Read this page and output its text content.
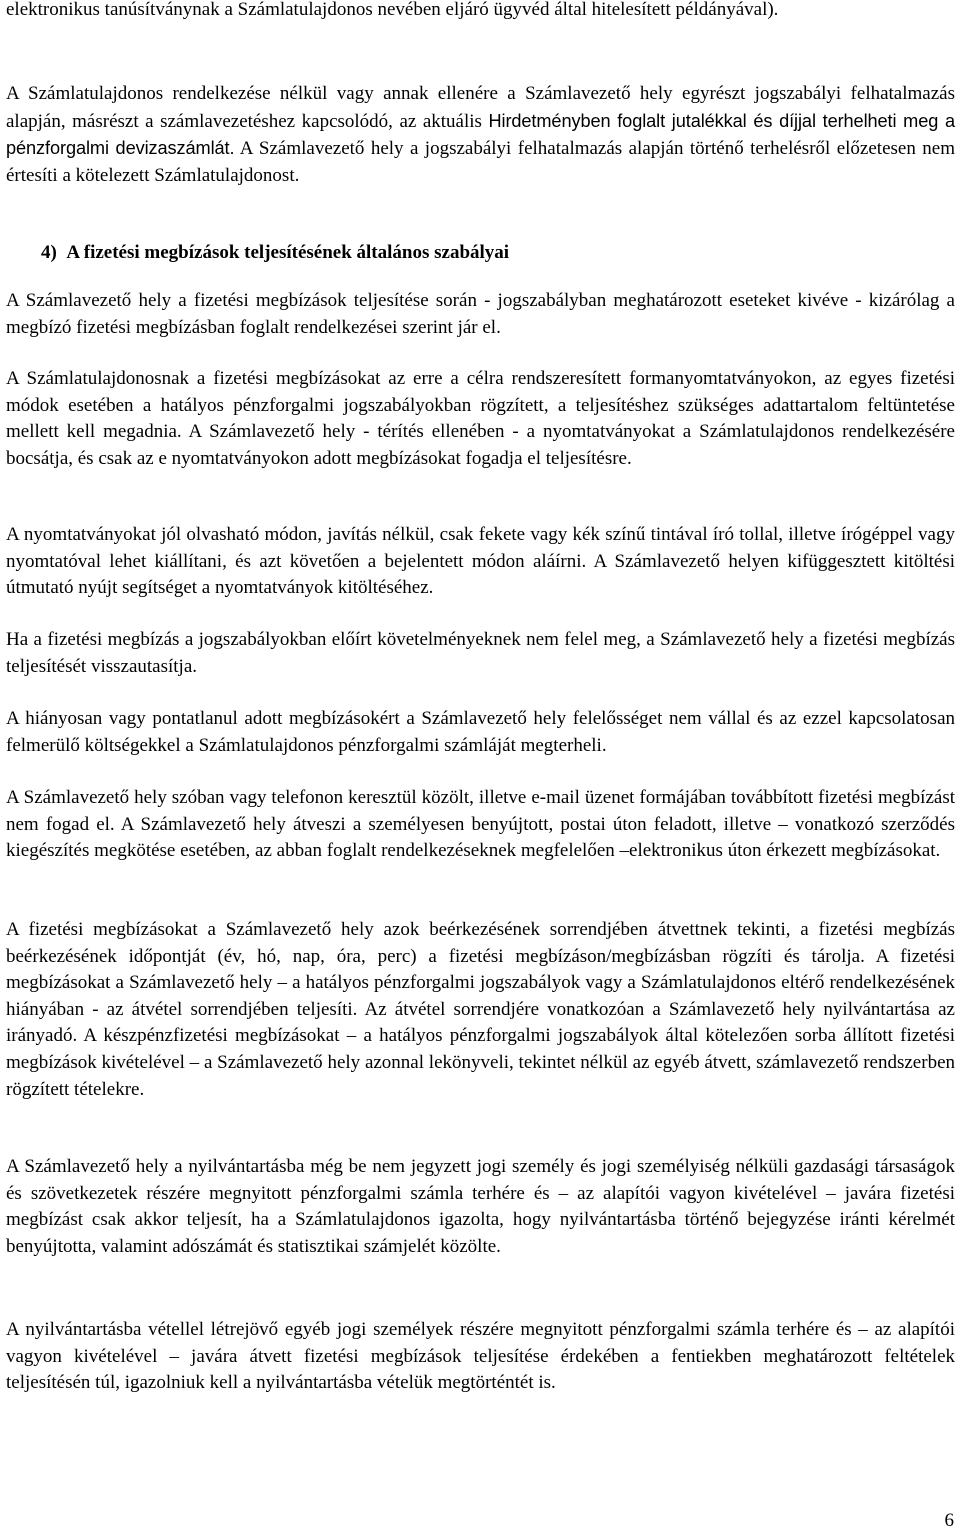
elektronikus tanúsítványnak a Számlatulajdonos nevében eljáró ügyvéd által hitelesített példányával).

A Számlatulajdonos rendelkezése nélkül vagy annak ellenére a Számlavezető hely egyrészt jogszabályi felhatalmazás alapján, másrészt a számlavezetéshez kapcsolódó, az aktuális Hirdetményben foglalt jutalékkal és díjjal terhelheti meg a pénzforgalmi devizaszámlát. A Számlavezető hely a jogszabályi felhatalmazás alapján történő terhelésről előzetesen nem értesíti a kötelezett Számlatulajdonost.

4)  A fizetési megbízások teljesítésének általános szabályai

A Számlavezető hely a fizetési megbízások teljesítése során - jogszabályban meghatározott eseteket kivéve - kizárólag a megbízó fizetési megbízásban foglalt rendelkezései szerint jár el.

A Számlatulajdonosnak a fizetési megbízásokat az erre a célra rendszeresített formanyomtatványokon, az egyes fizetési módok esetében a hatályos pénzforgalmi jogszabályokban rögzített, a teljesítéshez szükséges adattartalom feltüntetése mellett kell megadnia. A Számlavezető hely - térítés ellenében - a nyomtatványokat a Számlatulajdonos rendelkezésére bocsátja, és csak az e nyomtatványokon adott megbízásokat fogadja el teljesítésre.

A nyomtatványokat jól olvasható módon, javítás nélkül, csak fekete vagy kék színű tintával író tollal, illetve írógéppel vagy nyomtatóval lehet kiállítani, és azt követően a bejelentett módon aláírni. A Számlavezető helyen kifüggesztett kitöltési útmutató nyújt segítséget a nyomtatványok kitöltéséhez.

Ha a fizetési megbízás a jogszabályokban előírt követelményeknek nem felel meg, a Számlavezető hely a fizetési megbízás teljesítését visszautasítja.

A hiányosan vagy pontatlanul adott megbízásokért a Számlavezető hely felelősséget nem vállal és az ezzel kapcsolatosan felmerülő költségekkel a Számlatulajdonos pénzforgalmi számláját megterheli.

A Számlavezető hely szóban vagy telefonon keresztül közölt, illetve e-mail üzenet formájában továbbított fizetési megbízást nem fogad el. A Számlavezető hely átveszi a személyesen benyújtott, postai úton feladott, illetve – vonatkozó szerződés kiegészítés megkötése esetében, az abban foglalt rendelkezéseknek megfelelően –elektronikus úton érkezett megbízásokat.

A fizetési megbízásokat a Számlavezető hely azok beérkezésének sorrendjében átvettnek tekinti, a fizetési megbízás beérkezésének időpontját (év, hó, nap, óra, perc) a fizetési megbízáson/megbízásban rögzíti és tárolja. A fizetési megbízásokat a Számlavezető hely – a hatályos pénzforgalmi jogszabályok vagy a Számlatulajdonos eltérő rendelkezésének hiányában - az átvétel sorrendjében teljesíti. Az átvétel sorrendjére vonatkozóan a Számlavezető hely nyilvántartása az irányadó. A készpénzfizetési megbízásokat – a hatályos pénzforgalmi jogszabályok által kötelezően sorba állított fizetési megbízások kivételével – a Számlavezető hely azonnal lekönyveli, tekintet nélkül az egyéb átvett, számlavezető rendszerben rögzített tételekre.

A Számlavezető hely a nyilvántartásba még be nem jegyzett jogi személy és jogi személyiség nélküli gazdasági társaságok és szövetkezetek részére megnyitott pénzforgalmi számla terhére és – az alapítói vagyon kivételével – javára fizetési megbízást csak akkor teljesít, ha a Számlatulajdonos igazolta, hogy nyilvántartásba történő bejegyzése iránti kérelmét benyújtotta, valamint adószámát és statisztikai számjelét közölte.

A nyilvántartásba vétellel létrejövő egyéb jogi személyek részére megnyitott pénzforgalmi számla terhére és – az alapítói vagyon kivételével – javára átvett fizetési megbízások teljesítése érdekében a fentiekben meghatározott feltételek teljesítésén túl, igazolniuk kell a nyilvántartásba vételük megtörténtét is.

6
